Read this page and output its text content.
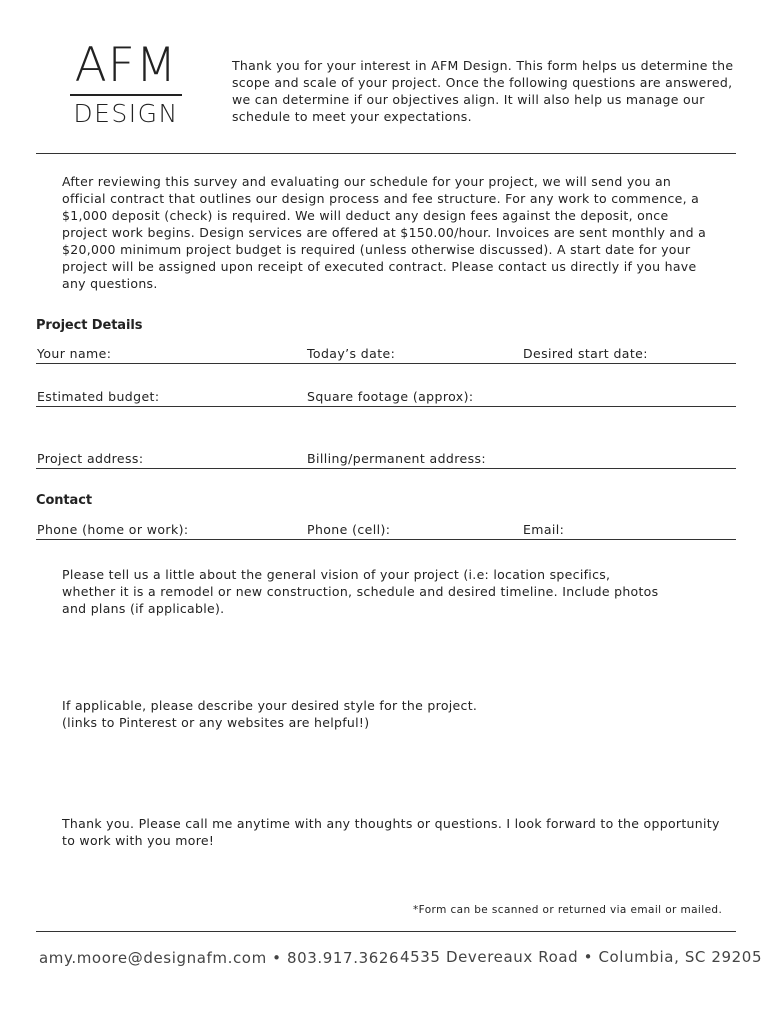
AFM
DESIGN
Thank you for your interest in AFM Design. This form helps us determine the scope and scale of your project. Once the following questions are answered, we can determine if our objectives align. It will also help us manage our schedule to meet your expectations.
After reviewing this survey and evaluating our schedule for your project, we will send you an official contract that outlines our design process and fee structure. For any work to commence, a $1,000 deposit (check) is required. We will deduct any design fees against the deposit, once project work begins. Design services are offered at $150.00/hour. Invoices are sent monthly and a $20,000 minimum project budget is required (unless otherwise discussed). A start date for your project will be assigned upon receipt of executed contract. Please contact us directly if you have any questions.
Project Details
Your name:	Today’s date:	Desired start date:
Estimated budget:	Square footage (approx):
Project address:	Billing/permanent address:
Contact
Phone (home or work):	Phone (cell):	Email:
Please tell us a little about the general vision of your project (i.e: location specifics, whether it is a remodel or new construction, schedule and desired timeline. Include photos and plans (if applicable).
If applicable, please describe your desired style for the project.
(links to Pinterest or any websites are helpful!)
Thank you. Please call me anytime with any thoughts or questions. I look forward to the opportunity to work with you more!
*Form can be scanned or returned via email or mailed.
amy.moore@designafm.com • 803.917.3626 4535 Devereaux Road • Columbia, SC 29205
